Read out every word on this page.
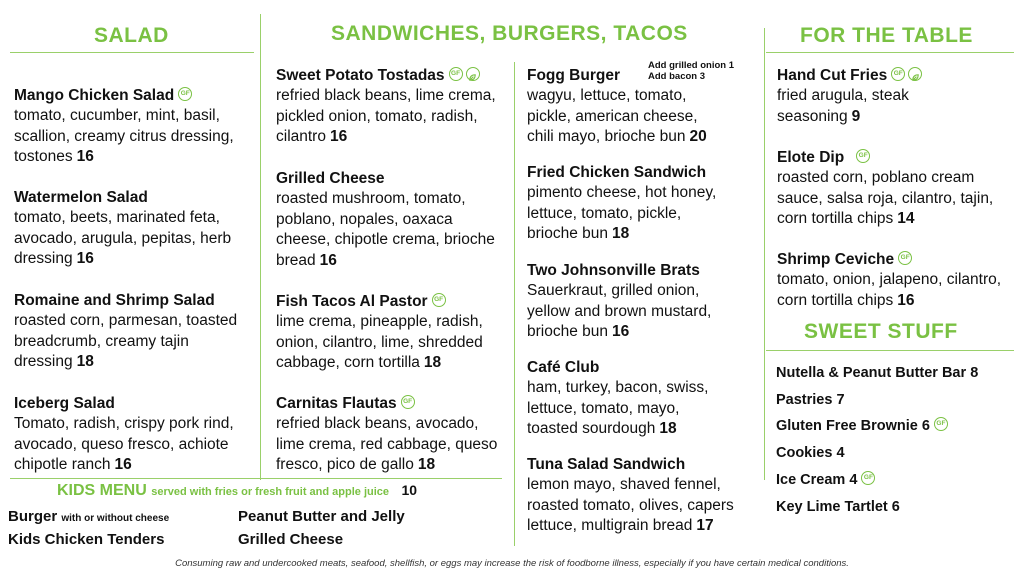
SALAD	SANDWICHES, BURGERS, TACOS	FOR THE TABLE
SWEET STUFF
Mango Chicken Salad GF
tomato, cucumber, mint, basil, scallion, creamy citrus dressing, tostones 16
Watermelon Salad
tomato, beets, marinated feta, avocado, arugula, pepitas, herb dressing 16
Romaine and Shrimp Salad
roasted corn, parmesan, toasted breadcrumb, creamy tajin dressing 18
Iceberg Salad
Tomato, radish, crispy pork rind, avocado, queso fresco, achiote chipotle ranch 16
Sweet Potato Tostadas GF
refried black beans, lime crema, pickled onion, tomato, radish, cilantro 16
Grilled Cheese
roasted mushroom, tomato, poblano, nopales, oaxaca cheese, chipotle crema, brioche bread 16
Fish Tacos Al Pastor GF
lime crema, pineapple, radish, onion, cilantro, lime, shredded cabbage, corn tortilla 18
Carnitas Flautas GF
refried black beans, avocado, lime crema, red cabbage, queso fresco, pico de gallo 18
Add grilled onion 1
Add bacon 3
Fogg Burger
wagyu, lettuce, tomato, pickle, american cheese, chili mayo, brioche bun 20
Fried Chicken Sandwich
pimento cheese, hot honey, lettuce, tomato, pickle, brioche bun 18
Two Johnsonville Brats
Sauerkraut, grilled onion, yellow and brown mustard, brioche bun 16
Café Club
ham, turkey, bacon, swiss, lettuce, tomato, mayo, toasted sourdough 18
Tuna Salad Sandwich
lemon mayo, shaved fennel, roasted tomato, olives, capers lettuce, multigrain bread 17
Hand Cut Fries GF
fried arugula, steak seasoning 9
Elote Dip GF
roasted corn, poblano cream sauce, salsa roja, cilantro, tajin, corn tortilla chips 14
Shrimp Ceviche GF
tomato, onion, jalapeno, cilantro, corn tortilla chips 16
Nutella & Peanut Butter Bar 8
Pastries 7
Gluten Free Brownie 6 GF
Cookies 4
Ice Cream 4 GF
Key Lime Tartlet 6
KIDS MENU served with fries or fresh fruit and apple juice 10
Burger with or without cheese	Peanut Butter and Jelly
Kids Chicken Tenders	Grilled Cheese
Consuming raw and undercooked meats, seafood, shellfish, or eggs may increase the risk of foodborne illness, especially if you have certain medical conditions.
